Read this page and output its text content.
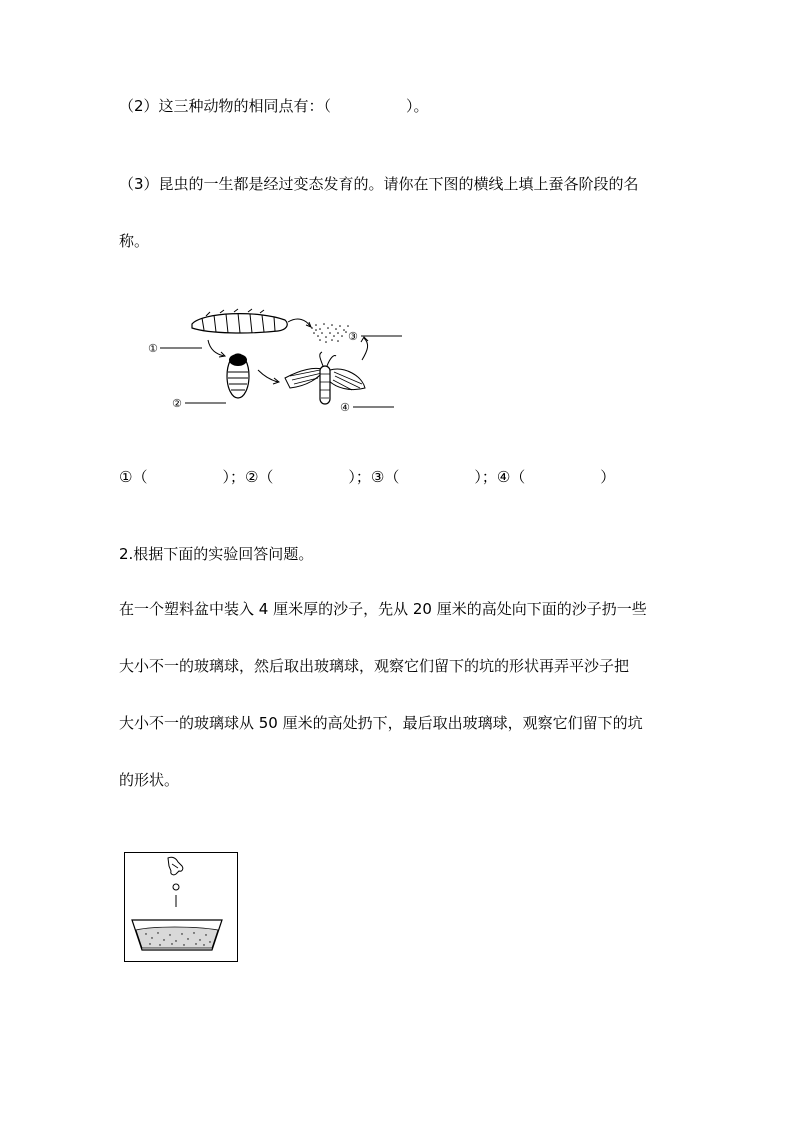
（2）这三种动物的相同点有：（　　　　　）。
（3）昆虫的一生都是经过变态发育的。请你在下图的横线上填上蚕各阶段的名
称。
①
②
③
④
①（　　　　　）；②（　　　　　）；③（　　　　　）；④（　　　　　）
2.根据下面的实验回答问题。
在一个塑料盆中装入 4 厘米厚的沙子，先从 20 厘米的高处向下面的沙子扔一些
大小不一的玻璃球，然后取出玻璃球，观察它们留下的坑的形状再弄平沙子把
大小不一的玻璃球从 50 厘米的高处扔下，最后取出玻璃球，观察它们留下的坑
的形状。
